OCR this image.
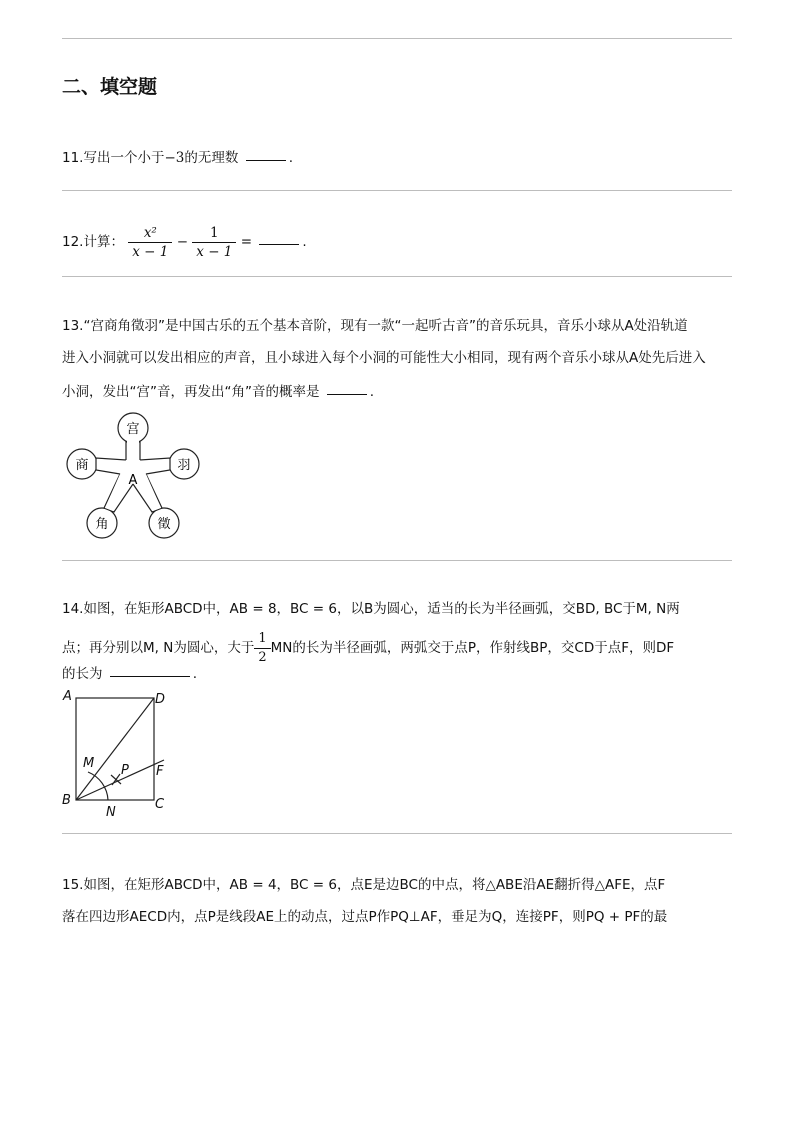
二、填空题
11.写出一个小于−3的无理数	.
12.计算： $\frac{\text{x²}}{x - 1} - \frac{1}{x - 1}$ =	.
13.“宫商角徵羽”是中国古乐的五个基本音阶，现有一款“一起听古音”的音乐玩具，音乐小球从A处沿轨道
进入小洞就可以发出相应的声音，且小球进入每个小洞的可能性大小相同，现有两个音乐小球从A处先后进入
小洞，发出“宫”音，再发出“角”音的概率是	.
宫
商	羽
角	徵
A
14.如图，在矩形ABCD中，AB = 8，BC = 6，以B为圆心，适当的长为半径画弧，交BD, BC于M, N两
点；再分别以M, N为圆心，大于 $\frac{1}{2}$ MN的长为半径画弧，两弧交于点P，作射线BP，交CD于点F，则DF
的长为	.
A	D
B	C
M
N
P F
15.如图，在矩形ABCD中，AB = 4，BC = 6，点E是边BC的中点，将△ABE沿AE翻折得△AFE，点F
落在四边形AECD内，点P是线段AE上的动点，过点P作PQ⊥AF，垂足为Q，连接PF，则PQ + PF的最
